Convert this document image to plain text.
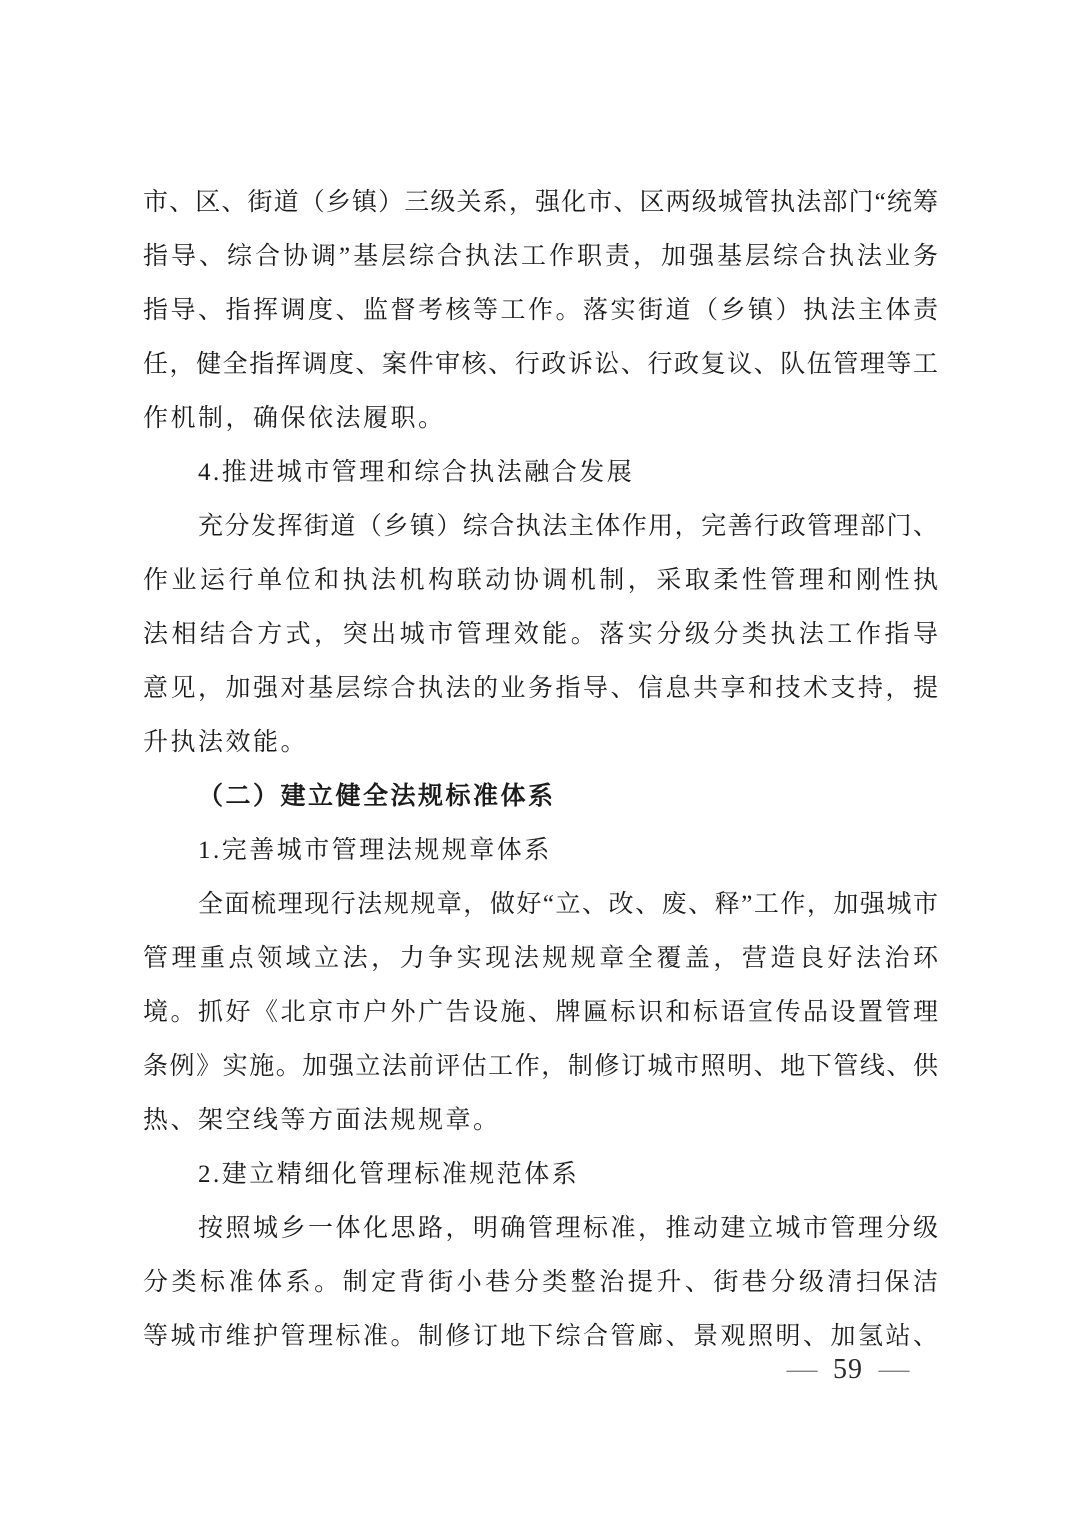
市、区、街道（乡镇）三级关系，强化市、区两级城管执法部门“统筹
指导、综合协调”基层综合执法工作职责，加强基层综合执法业务
指导、指挥调度、监督考核等工作。落实街道（乡镇）执法主体责
任，健全指挥调度、案件审核、行政诉讼、行政复议、队伍管理等工
作机制，确保依法履职。
4.推进城市管理和综合执法融合发展
充分发挥街道（乡镇）综合执法主体作用，完善行政管理部门、
作业运行单位和执法机构联动协调机制，采取柔性管理和刚性执
法相结合方式，突出城市管理效能。落实分级分类执法工作指导
意见，加强对基层综合执法的业务指导、信息共享和技术支持，提
升执法效能。
（二）建立健全法规标准体系
1.完善城市管理法规规章体系
全面梳理现行法规规章，做好“立、改、废、释”工作，加强城市
管理重点领域立法，力争实现法规规章全覆盖，营造良好法治环
境。抓好《北京市户外广告设施、牌匾标识和标语宣传品设置管理
条例》实施。加强立法前评估工作，制修订城市照明、地下管线、供
热、架空线等方面法规规章。
2.建立精细化管理标准规范体系
按照城乡一体化思路，明确管理标准，推动建立城市管理分级
分类标准体系。制定背街小巷分类整治提升、街巷分级清扫保洁
等城市维护管理标准。制修订地下综合管廊、景观照明、加氢站、
— 59 —
